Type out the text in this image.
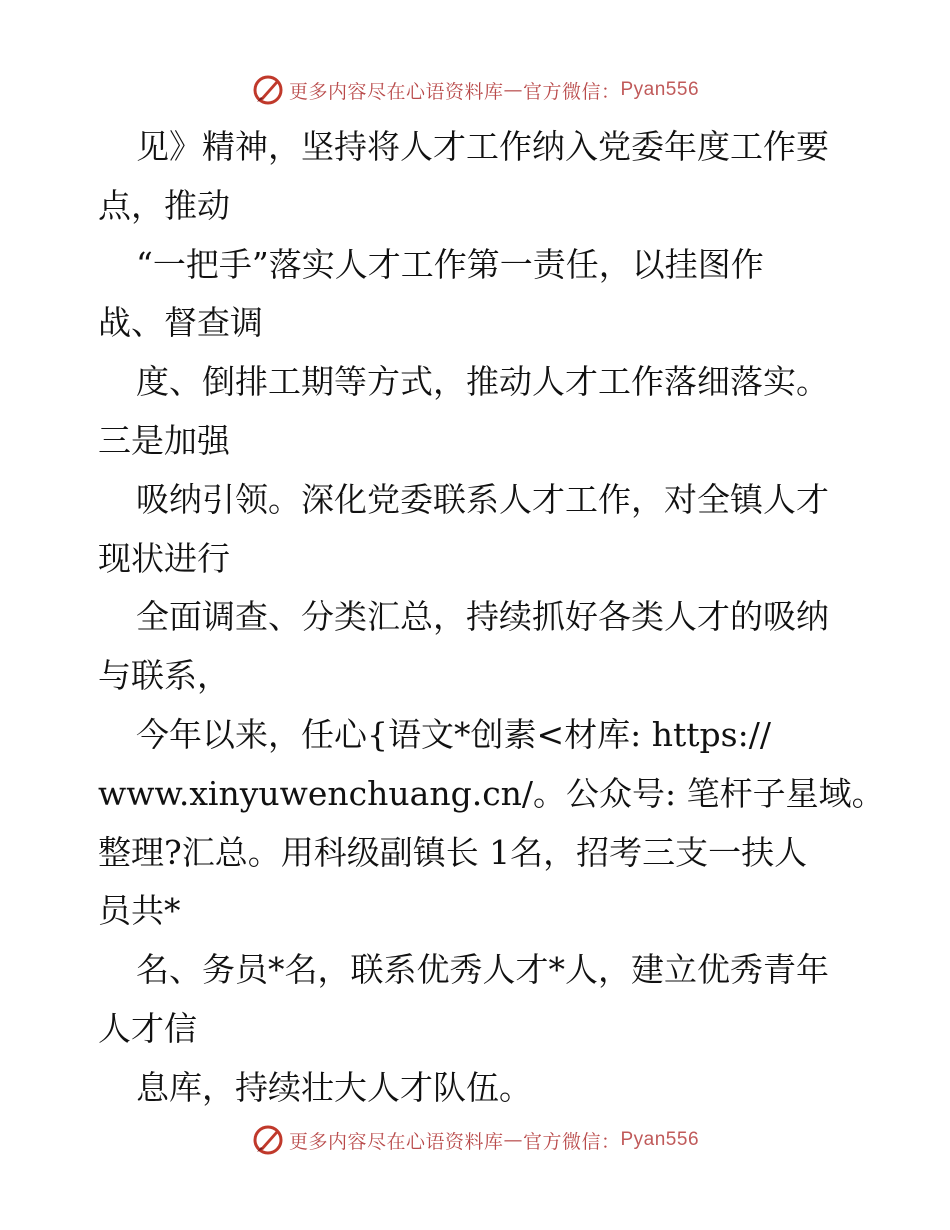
更多内容尽在心语资料库 — 官方微信： Pyan556
见》精神，坚持将人才工作纳入党委年度工作要
点，推动
“一把手”落实人才工作第一责任，以挂图作
战、督查调
度、倒排工期等方式，推动人才工作落细落实。
三是加强
吸纳引领。深化党委联系人才工作，对全镇人才
现状进行
全面调查、分类汇总，持续抓好各类人才的吸纳
与联系，
今年以来，任心{语文*创素<材库: https://
www.xinyuwenchuang.cn/。公众号: 笔杆子星域。
整理?汇总。用科级副镇长 1名，招考三支一扶人
员共*
名、务员*名，联系优秀人才*人，建立优秀青年
人才信
息库，持续壮大人才队伍。
更多内容尽在心语资料库 — 官方微信： Pyan556
